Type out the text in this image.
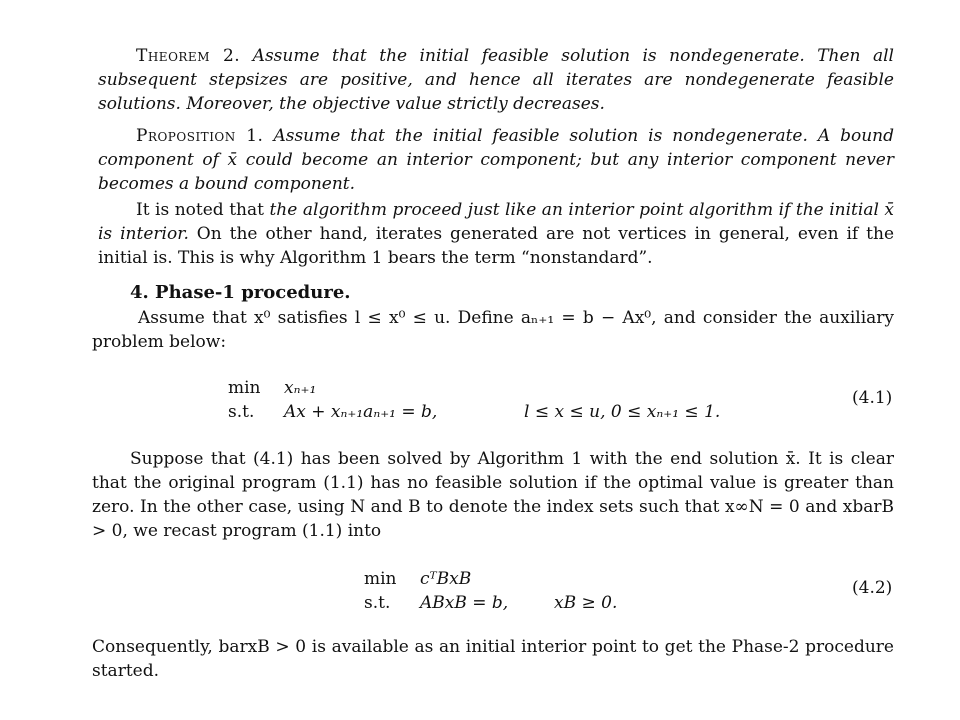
Theorem 2. Assume that the initial feasible solution is nondegenerate. Then all subsequent stepsizes are positive, and hence all iterates are nondegenerate feasible solutions. Moreover, the objective value strictly decreases.
Proposition 1. Assume that the initial feasible solution is nondegenerate. A bound component of x̄ could become an interior component; but any interior component never becomes a bound component.
It is noted that the algorithm proceed just like an interior point algorithm if the initial x̄ is interior. On the other hand, iterates generated are not vertices in general, even if the initial is. This is why Algorithm 1 bears the term “nonstandard”.
4. Phase-1 procedure.
Assume that x⁰ satisfies l ≤ x⁰ ≤ u. Define aₙ₊₁ = b − Ax⁰, and consider the auxiliary problem below:
min	xₙ₊₁
s.t.	Ax + xₙ₊₁aₙ₊₁ = b,	l ≤ x ≤ u, 0 ≤ xₙ₊₁ ≤ 1.
(4.1)
Suppose that (4.1) has been solved by Algorithm 1 with the end solution x̄. It is clear that the original program (1.1) has no feasible solution if the optimal value is greater than zero. In the other case, using N and B to denote the index sets such that x∞N = 0 and xbarB > 0, we recast program (1.1) into
min	cᵀBxB
s.t.	ABxB = b,	xB ≥ 0.
(4.2)
Consequently, barxB > 0 is available as an initial interior point to get the Phase-2 procedure started.
